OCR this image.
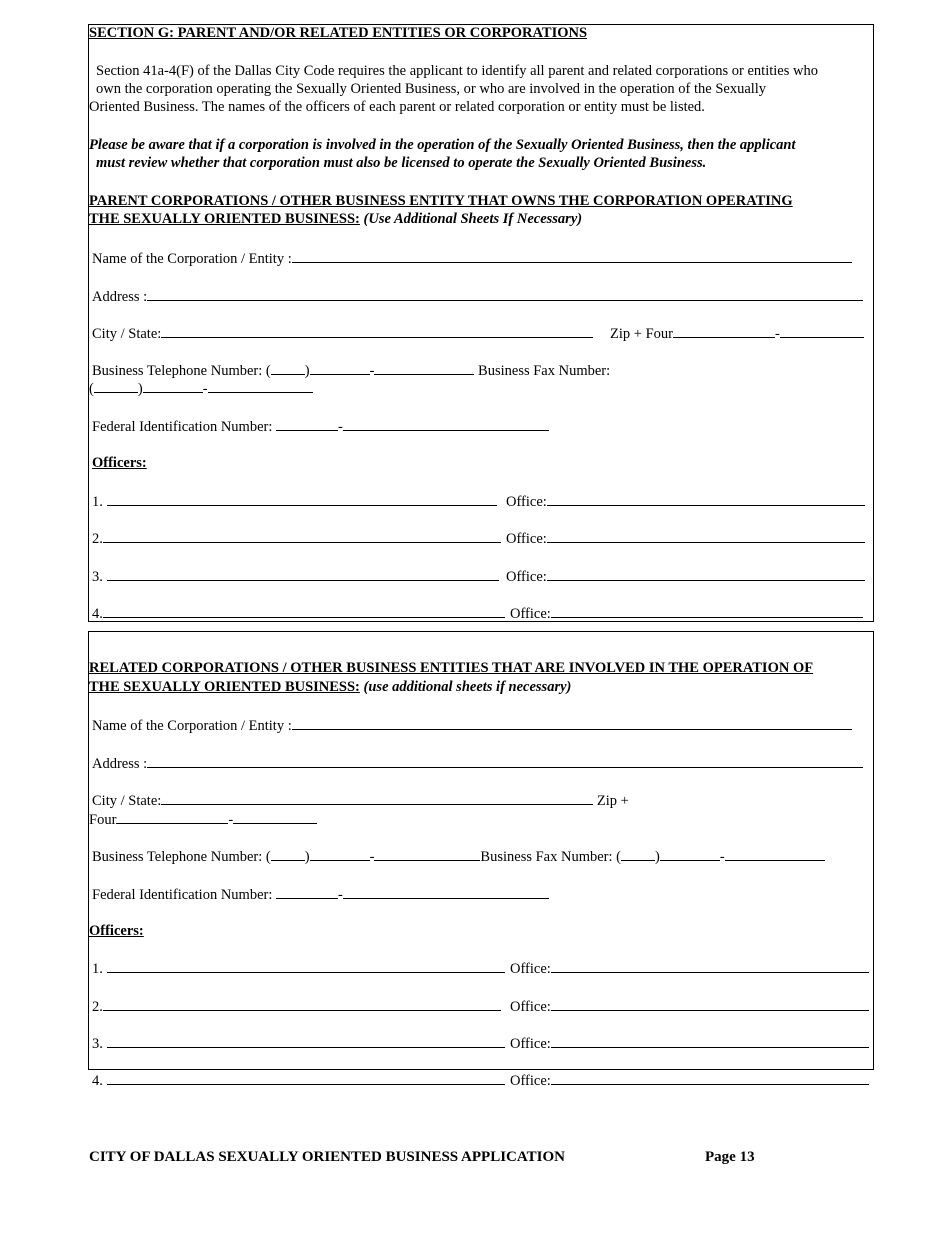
SECTION G: PARENT AND/OR RELATED ENTITIES OR CORPORATIONS
Section 41a-4(F) of the Dallas City Code requires the applicant to identify all parent and related corporations or entities who
own the corporation operating the Sexually Oriented Business, or who are involved in the operation of the Sexually
Oriented Business. The names of the officers of each parent or related corporation or entity must be listed.
Please be aware that if a corporation is involved in the operation of the Sexually Oriented Business, then the applicant
must review whether that corporation must also be licensed to operate the Sexually Oriented Business.
PARENT CORPORATIONS / OTHER BUSINESS ENTITY THAT OWNS THE CORPORATION OPERATING
THE SEXUALLY ORIENTED BUSINESS: (Use Additional Sheets If Necessary)
Name of the Corporation / Entity :
Address :
City / State:	Zip + Four	-
Business Telephone Number: ( )	-	Business Fax Number:
(	)	-
Federal Identification Number:	-
Officers:
1.	Office:
2.	Office:
3.	Office:
4.	Office:
RELATED CORPORATIONS / OTHER BUSINESS ENTITIES THAT ARE INVOLVED IN THE OPERATION OF
THE SEXUALLY ORIENTED BUSINESS: (use additional sheets if necessary)
Name of the Corporation / Entity :
Address :
City / State:	Zip +
Four	-
Business Telephone Number: ( )	-	Business Fax Number: ( )	-
Federal Identification Number:	-
Officers:
1.	Office:
2.	Office:
3.	Office:
4.	Office:
CITY OF DALLAS SEXUALLY ORIENTED BUSINESS APPLICATION	Page 13
